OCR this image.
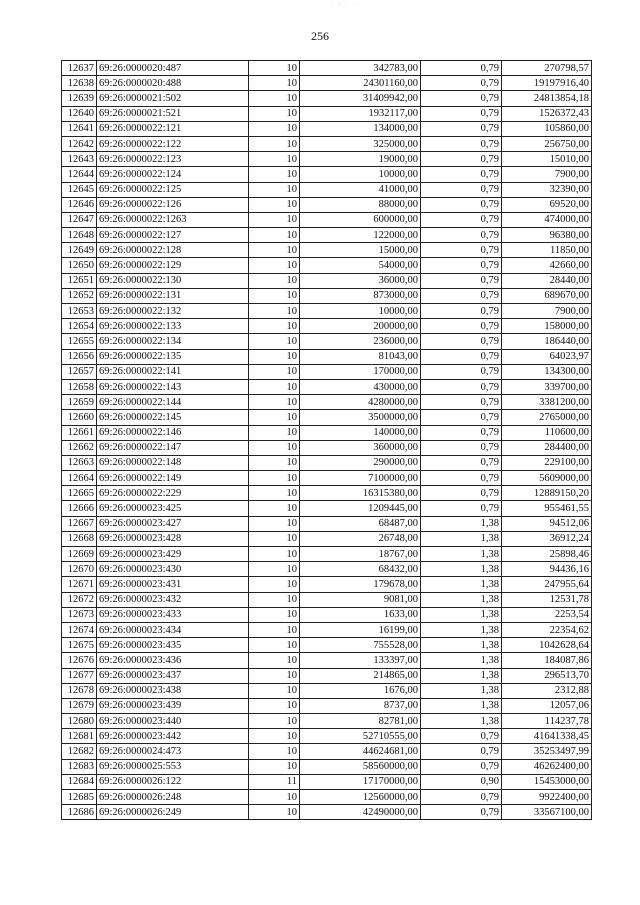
· - · ··
256
12637	69:26:0000020:487	10	342783,00	0,79	270798,57
12638	69:26:0000020:488	10	24301160,00	0,79	19197916,40
12639	69:26:0000021:502	10	31409942,00	0,79	24813854,18
12640	69:26:0000021:521	10	1932117,00	0,79	1526372,43
12641	69:26:0000022:121	10	134000,00	0,79	105860,00
12642	69:26:0000022:122	10	325000,00	0,79	256750,00
12643	69:26:0000022:123	10	19000,00	0,79	15010,00
12644	69:26:0000022:124	10	10000,00	0,79	7900,00
12645	69:26:0000022:125	10	41000,00	0,79	32390,00
12646	69:26:0000022:126	10	88000,00	0,79	69520,00
12647	69:26:0000022:1263	10	600000,00	0,79	474000,00
12648	69:26:0000022:127	10	122000,00	0,79	96380,00
12649	69:26:0000022:128	10	15000,00	0,79	11850,00
12650	69:26:0000022:129	10	54000,00	0,79	42660,00
12651	69:26:0000022:130	10	36000,00	0,79	28440,00
12652	69:26:0000022:131	10	873000,00	0,79	689670,00
12653	69:26:0000022:132	10	10000,00	0,79	7900,00
12654	69:26:0000022:133	10	200000,00	0,79	158000,00
12655	69:26:0000022:134	10	236000,00	0,79	186440,00
12656	69:26:0000022:135	10	81043,00	0,79	64023,97
12657	69:26:0000022:141	10	170000,00	0,79	134300,00
12658	69:26:0000022:143	10	430000,00	0,79	339700,00
12659	69:26:0000022:144	10	4280000,00	0,79	3381200,00
12660	69:26:0000022:145	10	3500000,00	0,79	2765000,00
12661	69:26:0000022:146	10	140000,00	0,79	110600,00
12662	69:26:0000022:147	10	360000,00	0,79	284400,00
12663	69:26:0000022:148	10	290000,00	0,79	229100,00
12664	69:26:0000022:149	10	7100000,00	0,79	5609000,00
12665	69:26:0000022:229	10	16315380,00	0,79	12889150,20
12666	69:26:0000023:425	10	1209445,00	0,79	955461,55
12667	69:26:0000023:427	10	68487,00	1,38	94512,06
12668	69:26:0000023:428	10	26748,00	1,38	36912,24
12669	69:26:0000023:429	10	18767,00	1,38	25898,46
12670	69:26:0000023:430	10	68432,00	1,38	94436,16
12671	69:26:0000023:431	10	179678,00	1,38	247955,64
12672	69:26:0000023:432	10	9081,00	1,38	12531,78
12673	69:26:0000023:433	10	1633,00	1,38	2253,54
12674	69:26:0000023:434	10	16199,00	1,38	22354,62
12675	69:26:0000023:435	10	755528,00	1,38	1042628,64
12676	69:26:0000023:436	10	133397,00	1,38	184087,86
12677	69:26:0000023:437	10	214865,00	1,38	296513,70
12678	69:26:0000023:438	10	1676,00	1,38	2312,88
12679	69:26:0000023:439	10	8737,00	1,38	12057,06
12680	69:26:0000023:440	10	82781,00	1,38	114237,78
12681	69:26:0000023:442	10	52710555,00	0,79	41641338,45
12682	69:26:0000024:473	10	44624681,00	0,79	35253497,99
12683	69:26:0000025:553	10	58560000,00	0,79	46262400,00
12684	69:26:0000026:122	11	17170000,00	0,90	15453000,00
12685	69:26:0000026:248	10	12560000,00	0,79	9922400,00
12686	69:26:0000026:249	10	42490000,00	0,79	33567100,00
